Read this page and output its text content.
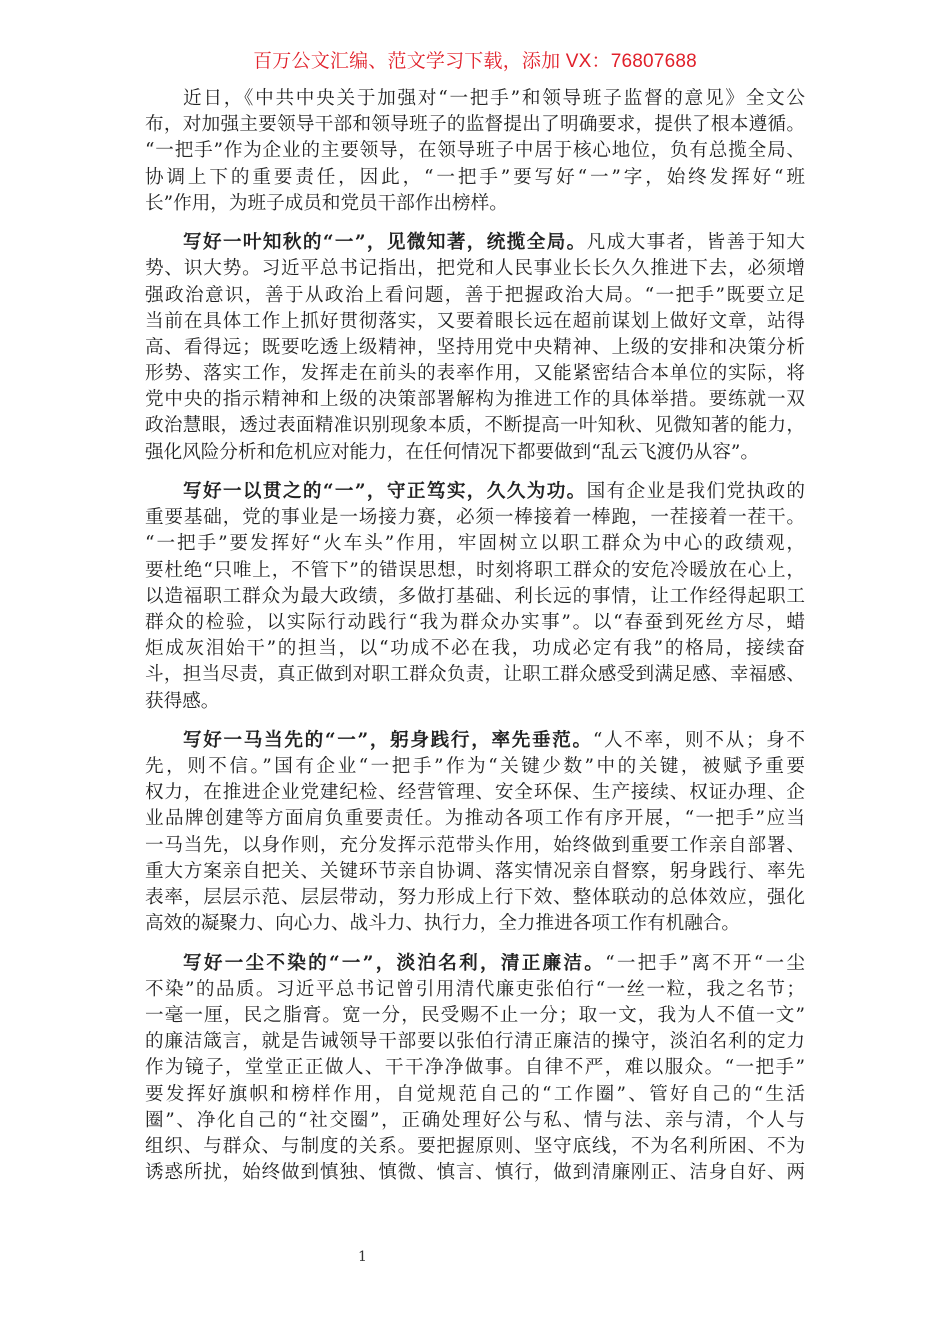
百万公文汇编、范文学习下载，添加 VX：76807688
近日，《中共中央关于加强对“一把手”和领导班子监督的意见》全文公
布，对加强主要领导干部和领导班子的监督提出了明确要求，提供了根本遵循。
“一把手”作为企业的主要领导，在领导班子中居于核心地位，负有总揽全局、
协调上下的重要责任，因此，“一把手”要写好“一”字，始终发挥好“班
长”作用，为班子成员和党员干部作出榜样。
写好一叶知秋的“一”，见微知著，统揽全局。凡成大事者，皆善于知大
势、识大势。习近平总书记指出，把党和人民事业长长久久推进下去，必须增
强政治意识，善于从政治上看问题，善于把握政治大局。“一把手”既要立足
当前在具体工作上抓好贯彻落实，又要着眼长远在超前谋划上做好文章，站得
高、看得远；既要吃透上级精神，坚持用党中央精神、上级的安排和决策分析
形势、落实工作，发挥走在前头的表率作用，又能紧密结合本单位的实际，将
党中央的指示精神和上级的决策部署解构为推进工作的具体举措。要练就一双
政治慧眼，透过表面精准识别现象本质，不断提高一叶知秋、见微知著的能力，
强化风险分析和危机应对能力，在任何情况下都要做到“乱云飞渡仍从容”。
写好一以贯之的“一”，守正笃实，久久为功。国有企业是我们党执政的
重要基础，党的事业是一场接力赛，必须一棒接着一棒跑，一茬接着一茬干。
“一把手”要发挥好“火车头”作用，牢固树立以职工群众为中心的政绩观，
要杜绝“只唯上，不管下”的错误思想，时刻将职工群众的安危冷暖放在心上，
以造福职工群众为最大政绩，多做打基础、利长远的事情，让工作经得起职工
群众的检验，以实际行动践行“我为群众办实事”。以“春蚕到死丝方尽，蜡
炬成灰泪始干”的担当，以“功成不必在我，功成必定有我”的格局，接续奋
斗，担当尽责，真正做到对职工群众负责，让职工群众感受到满足感、幸福感、
获得感。
写好一马当先的“一”，躬身践行，率先垂范。“人不率，则不从；身不
先，则不信。”国有企业“一把手”作为“关键少数”中的关键，被赋予重要
权力，在推进企业党建纪检、经营管理、安全环保、生产接续、权证办理、企
业品牌创建等方面肩负重要责任。为推动各项工作有序开展，“一把手”应当
一马当先，以身作则，充分发挥示范带头作用，始终做到重要工作亲自部署、
重大方案亲自把关、关键环节亲自协调、落实情况亲自督察，躬身践行、率先
表率，层层示范、层层带动，努力形成上行下效、整体联动的总体效应，强化
高效的凝聚力、向心力、战斗力、执行力，全力推进各项工作有机融合。
写好一尘不染的“一”，淡泊名利，清正廉洁。“一把手”离不开“一尘
不染”的品质。习近平总书记曾引用清代廉吏张伯行“一丝一粒，我之名节；
一毫一厘，民之脂膏。宽一分，民受赐不止一分；取一文，我为人不值一文”
的廉洁箴言，就是告诫领导干部要以张伯行清正廉洁的操守，淡泊名利的定力
作为镜子，堂堂正正做人、干干净净做事。自律不严，难以服众。“一把手”
要发挥好旗帜和榜样作用，自觉规范自己的“工作圈”、管好自己的“生活
圈”、净化自己的“社交圈”，正确处理好公与私、情与法、亲与清，个人与
组织、与群众、与制度的关系。要把握原则、坚守底线，不为名利所困、不为
诱惑所扰，始终做到慎独、慎微、慎言、慎行，做到清廉刚正、洁身自好、两
1
